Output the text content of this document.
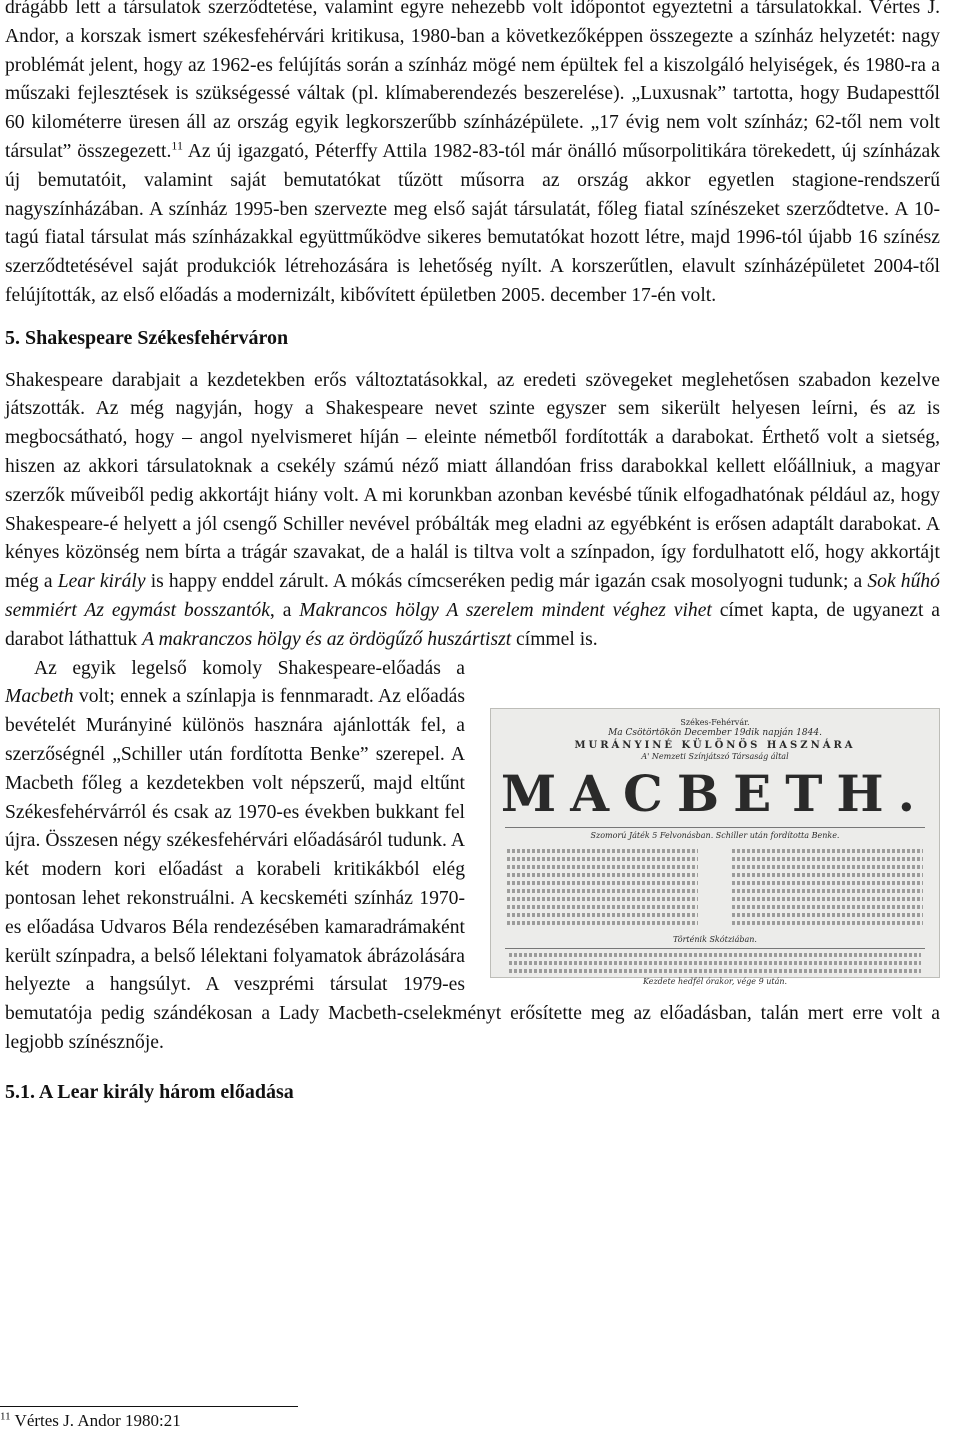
drágább lett a társulatok szerződtetése, valamint egyre nehezebb volt időpontot egyeztetni a társulatokkal. Vértes J. Andor, a korszak ismert székesfehérvári kritikusa, 1980-ban a következőképpen összegezte a színház helyzetét: nagy problémát jelent, hogy az 1962-es felújítás során a színház mögé nem épültek fel a kiszolgáló helyiségek, és 1980-ra a műszaki fejlesztések is szükségessé váltak (pl. klímaberendezés beszerelése). „Luxusnak” tartotta, hogy Budapesttől 60 kilométerre üresen áll az ország egyik legkorszerűbb színházépülete. „17 évig nem volt színház; 62-től nem volt társulat” összegezett.$^{11}$ Az új igazgató, Péterffy Attila 1982-83-tól már önálló műsorpolitikára törekedett, új színházak új bemutatóit, valamint saját bemutatókat tűzött műsorra az ország akkor egyetlen stagione-rendszerű nagyszínházában. A színház 1995-ben szervezte meg első saját társulatát, főleg fiatal színészeket szerződtetve. A 10-tagú fiatal társulat más színházakkal együttműködve sikeres bemutatókat hozott létre, majd 1996-tól újabb 16 színész szerződtetésével saját produkciók létrehozására is lehetőség nyílt. A korszerűtlen, elavult színházépületet 2004-től felújították, az első előadás a modernizált, kibővített épületben 2005. december 17-én volt.

5. Shakespeare Székesfehérváron

Shakespeare darabjait a kezdetekben erős változtatásokkal, az eredeti szövegeket meglehetősen szabadon kezelve játszották. Az még nagyján, hogy a Shakespeare nevet szinte egyszer sem sikerült helyesen leírni, és az is megbocsátható, hogy – angol nyelvismeret híján – eleinte németből fordították a darabokat. Érthető volt a sietség, hiszen az akkori társulatoknak a csekély számú néző miatt állandóan friss darabokkal kellett előállniuk, a magyar szerzők műveiből pedig akkortájt hiány volt. A mi korunkban azonban kevésbé tűnik elfogadhatónak például az, hogy Shakespeare-é helyett a jól csengő Schiller nevével próbálták meg eladni az egyébként is erősen adaptált darabokat. A kényes közönség nem bírta a trágár szavakat, de a halál is tiltva volt a színpadon, így fordulhatott elő, hogy akkortájt még a Lear király is happy enddel zárult. A mókás címcseréken pedig már igazán csak mosolyogni tudunk; a Sok hűhó semmiért Az egymást bosszantók, a Makrancos hölgy A szerelem mindent véghez vihet címet kapta, de ugyanezt a darabot láthattuk A makranczos hölgy és az ördögűző huszártiszt címmel is.

Székes-Fehérvár.
Ma Csötörtökön December 19dik napján 1844.
MURÁNYINÉ KÜLÖNÖS HASZNÁRA
A' Nemzeti Színjátszó Társaság által
MACBETH.
Szomorú Játék 5 Felvonásban. Schiller után fordította Benke.
Történik Skótziában.
Kezdete hedfél órakor, vége 9 után.

Az egyik legelső komoly Shakespeare-előadás a Macbeth volt; ennek a színlapja is fennmaradt. Az előadás bevételét Murányiné különös hasznára ajánlották fel, a szerzőségnél „Schiller után fordította Benke” szerepel. A Macbeth főleg a kezdetekben volt népszerű, majd eltűnt Székesfehérvárról és csak az 1970-es években bukkant fel újra. Összesen négy székesfehérvári előadásáról tudunk. A két modern kori előadást a korabeli kritikákból elég pontosan lehet rekonstruálni. A kecskeméti színház 1970-es előadása Udvaros Béla rendezésében kamaradrámaként került színpadra, a belső lélektani folyamatok ábrázolására helyezte a hangsúlyt. A veszprémi társulat 1979-es bemutatója pedig szándékosan a Lady Macbeth-cselekményt erősítette meg az előadásban, talán mert erre volt a legjobb színésznője.

5.1. A Lear király három előadása

$^{11}$ Vértes J. Andor 1980:21
